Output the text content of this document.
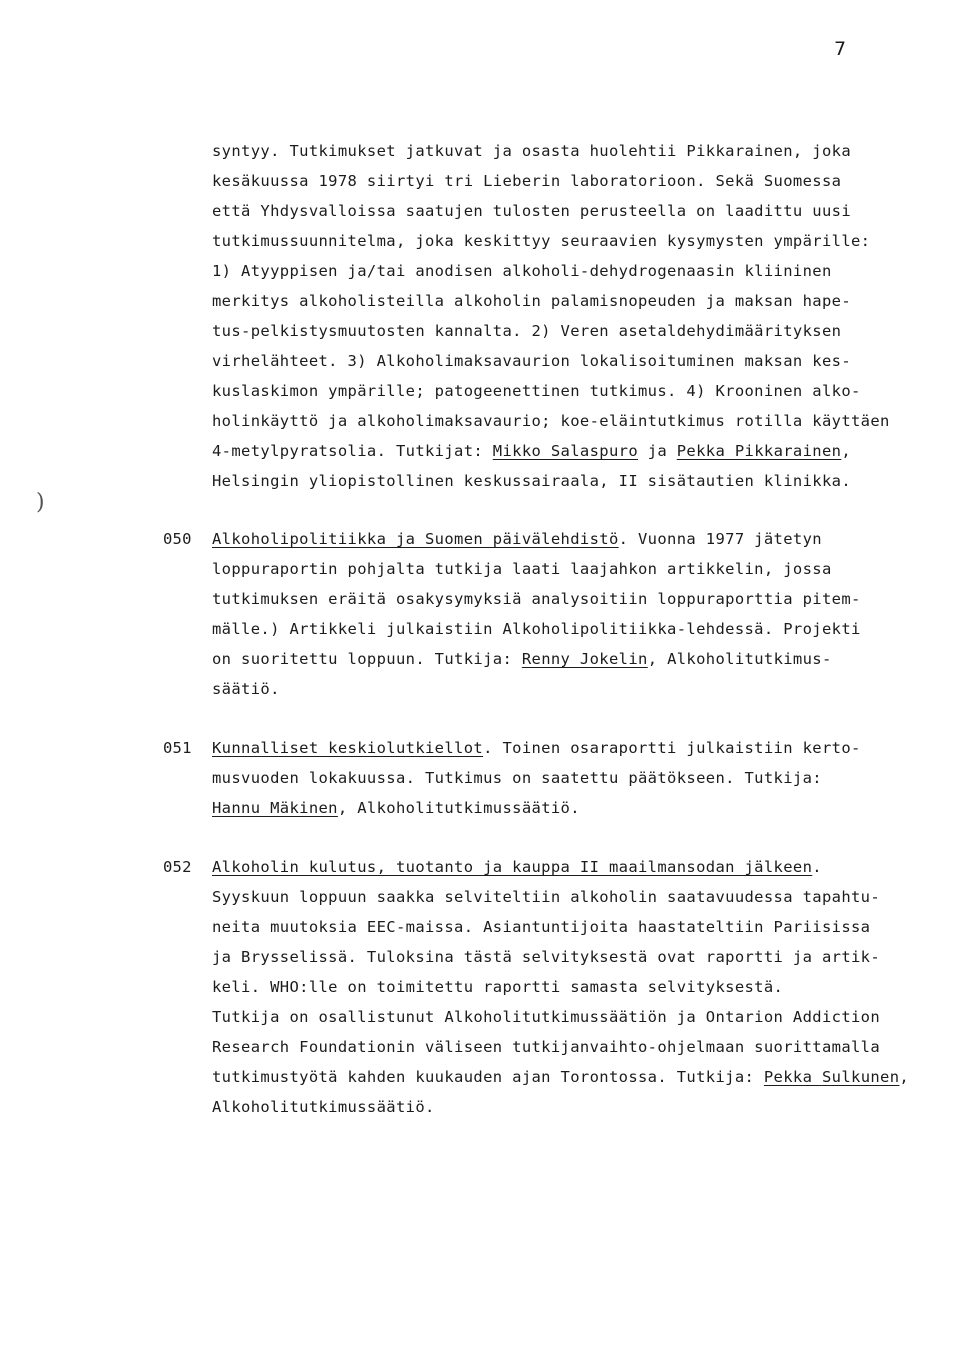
7
)
syntyy. Tutkimukset jatkuvat ja osasta huolehtii Pikkarainen, joka
kesäkuussa 1978 siirtyi tri Lieberin laboratorioon. Sekä Suomessa
että Yhdysvalloissa saatujen tulosten perusteella on laadittu uusi
tutkimussuunnitelma, joka keskittyy seuraavien kysymysten ympärille:
1) Atyyppisen ja/tai anodisen alkoholi-dehydrogenaasin kliininen
merkitys alkoholisteilla alkoholin palamisnopeuden ja maksan hape-
tus-pelkistysmuutosten kannalta. 2) Veren asetaldehydimäärityksen
virhelähteet. 3) Alkoholimaksavaurion lokalisoituminen maksan kes-
kuslaskimon ympärille; patogeenettinen tutkimus. 4) Krooninen alko-
holinkäyttö ja alkoholimaksavaurio; koe-eläintutkimus rotilla käyttäen
4-metylpyratsolia. Tutkijat: Mikko Salaspuro ja Pekka Pikkarainen,
Helsingin yliopistollinen keskussairaala, II sisätautien klinikka.
050 Alkoholipolitiikka ja Suomen päivälehdistö. Vuonna 1977 jätetyn
loppuraportin pohjalta tutkija laati laajahkon artikkelin, jossa
tutkimuksen eräitä osakysymyksiä analysoitiin loppuraporttia pitem-
mälle.) Artikkeli julkaistiin Alkoholipolitiikka-lehdessä. Projekti
on suoritettu loppuun. Tutkija: Renny Jokelin, Alkoholitutkimus-
säätiö.
051 Kunnalliset keskiolutkiellot. Toinen osaraportti julkaistiin kerto-
musvuoden lokakuussa. Tutkimus on saatettu päätökseen. Tutkija:
Hannu Mäkinen, Alkoholitutkimussäätiö.
052 Alkoholin kulutus, tuotanto ja kauppa II maailmansodan jälkeen.
Syyskuun loppuun saakka selviteltiin alkoholin saatavuudessa tapahtu-
neita muutoksia EEC-maissa. Asiantuntijoita haastateltiin Pariisissa
ja Brysselissä. Tuloksina tästä selvityksestä ovat raportti ja artik-
keli. WHO:lle on toimitettu raportti samasta selvityksestä.
Tutkija on osallistunut Alkoholitutkimussäätiön ja Ontarion Addiction
Research Foundationin väliseen tutkijanvaihto-ohjelmaan suorittamalla
tutkimustyötä kahden kuukauden ajan Torontossa. Tutkija: Pekka Sulkunen,
Alkoholitutkimussäätiö.
